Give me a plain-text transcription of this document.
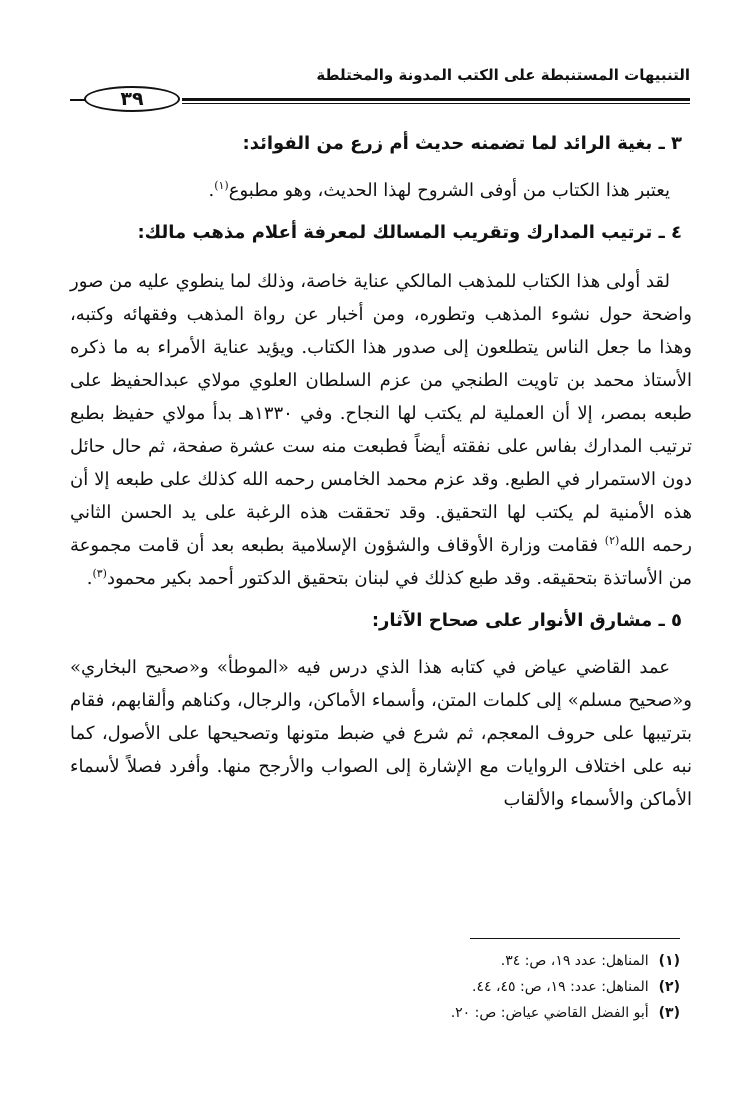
التنبيهات المستنبطة على الكتب المدونة والمختلطة
٣٩

٣ ـ بغية الرائد لما تضمنه حديث أم زرع من الفوائد:

يعتبر هذا الكتاب من أوفى الشروح لهذا الحديث، وهو مطبوع$^{(١)}$.

٤ ـ ترتيب المدارك وتقريب المسالك لمعرفة أعلام مذهب مالك:

لقد أولى هذا الكتاب للمذهب المالكي عناية خاصة، وذلك لما ينطوي عليه من صور واضحة حول نشوء المذهب وتطوره، ومن أخبار عن رواة المذهب وفقهائه وكتبه، وهذا ما جعل الناس يتطلعون إلى صدور هذا الكتاب. ويؤيد عناية الأمراء به ما ذكره الأستاذ محمد بن تاويت الطنجي من عزم السلطان العلوي مولاي عبدالحفيظ على طبعه بمصر، إلا أن العملية لم يكتب لها النجاح. وفي ١٣٣٠هـ بدأ مولاي حفيظ بطبع ترتيب المدارك بفاس على نفقته أيضاً فطبعت منه ست عشرة صفحة، ثم حال حائل دون الاستمرار في الطبع. وقد عزم محمد الخامس رحمه الله كذلك على طبعه إلا أن هذه الأمنية لم يكتب لها التحقيق. وقد تحققت هذه الرغبة على يد الحسن الثاني رحمه الله$^{(٢)}$ فقامت وزارة الأوقاف والشؤون الإسلامية بطبعه بعد أن قامت مجموعة من الأساتذة بتحقيقه. وقد طبع كذلك في لبنان بتحقيق الدكتور أحمد بكير محمود$^{(٣)}$.

٥ ـ مشارق الأنوار على صحاح الآثار:

عمد القاضي عياض في كتابه هذا الذي درس فيه «الموطأ» و«صحيح البخاري» و«صحيح مسلم» إلى كلمات المتن، وأسماء الأماكن، والرجال، وكناهم وألقابهم، فقام بترتيبها على حروف المعجم، ثم شرع في ضبط متونها وتصحيحها على الأصول، كما نبه على اختلاف الروايات مع الإشارة إلى الصواب والأرجح منها. وأفرد فصلاً لأسماء الأماكن والأسماء والألقاب

(١)المناهل: عدد ١٩، ص: ٣٤.

(٢)المناهل: عدد: ١٩، ص: ٤٥، ٤٤.

(٣)أبو الفضل القاضي عياض: ص: ٢٠.
